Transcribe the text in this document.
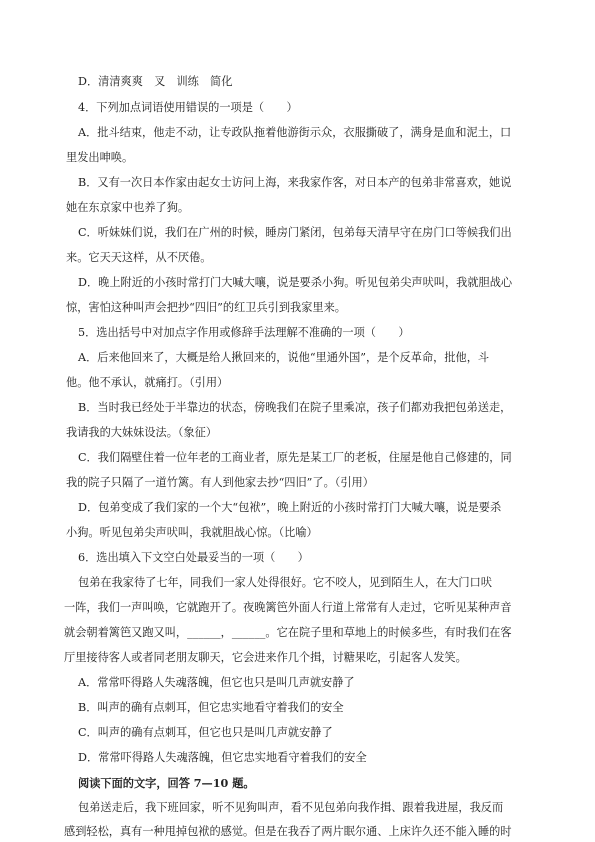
D．清清爽爽　叉　训练　简化

4．下列加点词语使用错误的一项是（　　）

A．批斗结束，他走不动，让专政队拖着他游街示众，衣服撕破了，满身是血和泥土，口

里发出呻唤。

B．又有一次日本作家由起女士访问上海，来我家作客，对日本产的包弟非常喜欢，她说

她在东京家中也养了狗。

C．听妹妹们说，我们在广州的时候，睡房门紧闭，包弟每天清早守在房门口等候我们出

来。它天天这样，从不厌倦。

D．晚上附近的小孩时常打门大喊大嚷，说是要杀小狗。听见包弟尖声吠叫，我就胆战心

惊，害怕这种叫声会把抄“四旧”的红卫兵引到我家里来。

5．选出括号中对加点字作用或修辞手法理解不准确的一项（　　）

A．后来他回来了，大概是给人揪回来的，说他“里通外国”，是个反革命，批他，斗

他。他不承认，就痛打。（引用）

B．当时我已经处于半靠边的状态，傍晚我们在院子里乘凉，孩子们都劝我把包弟送走，

我请我的大妹妹设法。（象征）

C．我们隔壁住着一位年老的工商业者，原先是某工厂的老板，住屋是他自己修建的，同

我的院子只隔了一道竹篱。有人到他家去抄“四旧”了。（引用）

D．包弟变成了我们家的一个大“包袱”，晚上附近的小孩时常打门大喊大嚷，说是要杀

小狗。听见包弟尖声吠叫，我就胆战心惊。（比喻）

6．选出填入下文空白处最妥当的一项（　　）

包弟在我家待了七年，同我们一家人处得很好。它不咬人，见到陌生人，在大门口吠

一阵，我们一声叫唤，它就跑开了。夜晚篱笆外面人行道上常常有人走过，它听见某种声音

就会朝着篱笆又跑又叫，______，______。它在院子里和草地上的时候多些，有时我们在客

厅里接待客人或者同老朋友聊天，它会进来作几个揖，讨糖果吃，引起客人发笑。

A．常常吓得路人失魂落魄，但它也只是叫几声就安静了

B．叫声的确有点刺耳，但它忠实地看守着我们的安全

C．叫声的确有点刺耳，但它也只是叫几声就安静了

D．常常吓得路人失魂落魄，但它忠实地看守着我们的安全

阅读下面的文字，回答 7—10 题。

包弟送走后，我下班回家，听不见狗叫声，看不见包弟向我作揖、跟着我进屋，我反而

感到轻松，真有一种甩掉包袱的感觉。但是在我吞了两片眠尔通、上床许久还不能入睡的时
